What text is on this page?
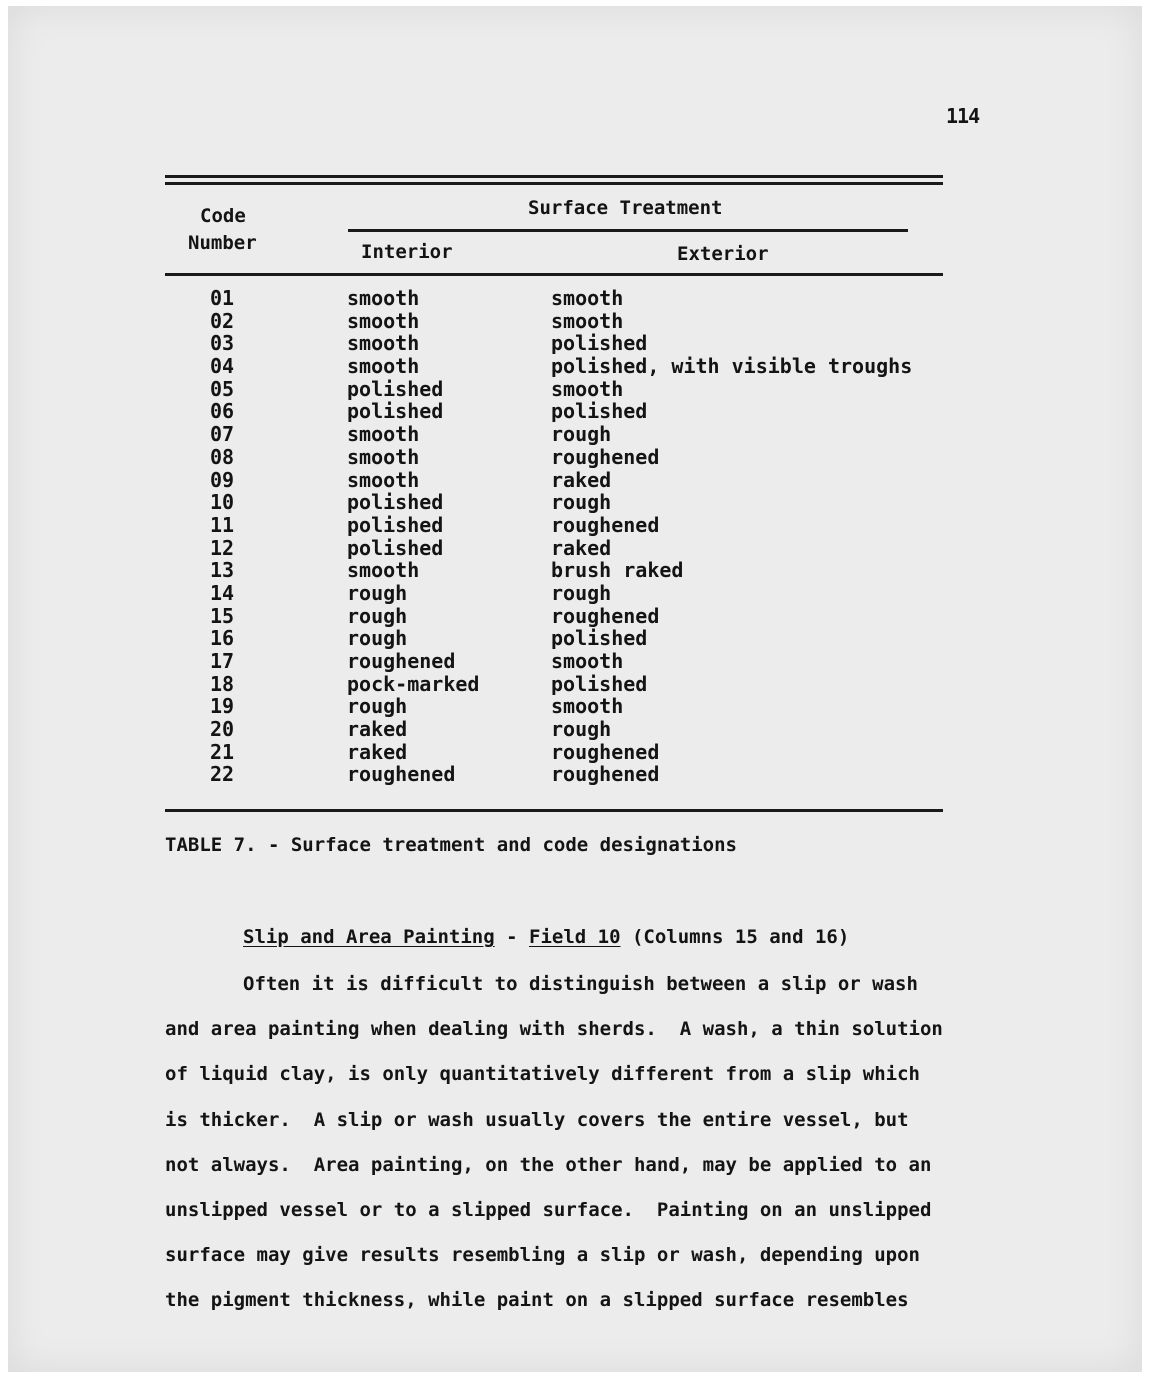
114
Code
Number
Surface Treatment
Interior	Exterior
01	smooth	smooth
02	smooth	smooth
03	smooth	polished
04	smooth	polished, with visible troughs
05	polished	smooth
06	polished	polished
07	smooth	rough
08	smooth	roughened
09	smooth	raked
10	polished	rough
11	polished	roughened
12	polished	raked
13	smooth	brush raked
14	rough	rough
15	rough	roughened
16	rough	polished
17	roughened	smooth
18	pock-marked	polished
19	rough	smooth
20	raked	rough
21	raked	roughened
22	roughened	roughened
TABLE 7. - Surface treatment and code designations
Slip and Area Painting - Field 10 (Columns 15 and 16)
Often it is difficult to distinguish between a slip or wash
and area painting when dealing with sherds.  A wash, a thin solution
of liquid clay, is only quantitatively different from a slip which
is thicker.  A slip or wash usually covers the entire vessel, but
not always.  Area painting, on the other hand, may be applied to an
unslipped vessel or to a slipped surface.  Painting on an unslipped
surface may give results resembling a slip or wash, depending upon
the pigment thickness, while paint on a slipped surface resembles
